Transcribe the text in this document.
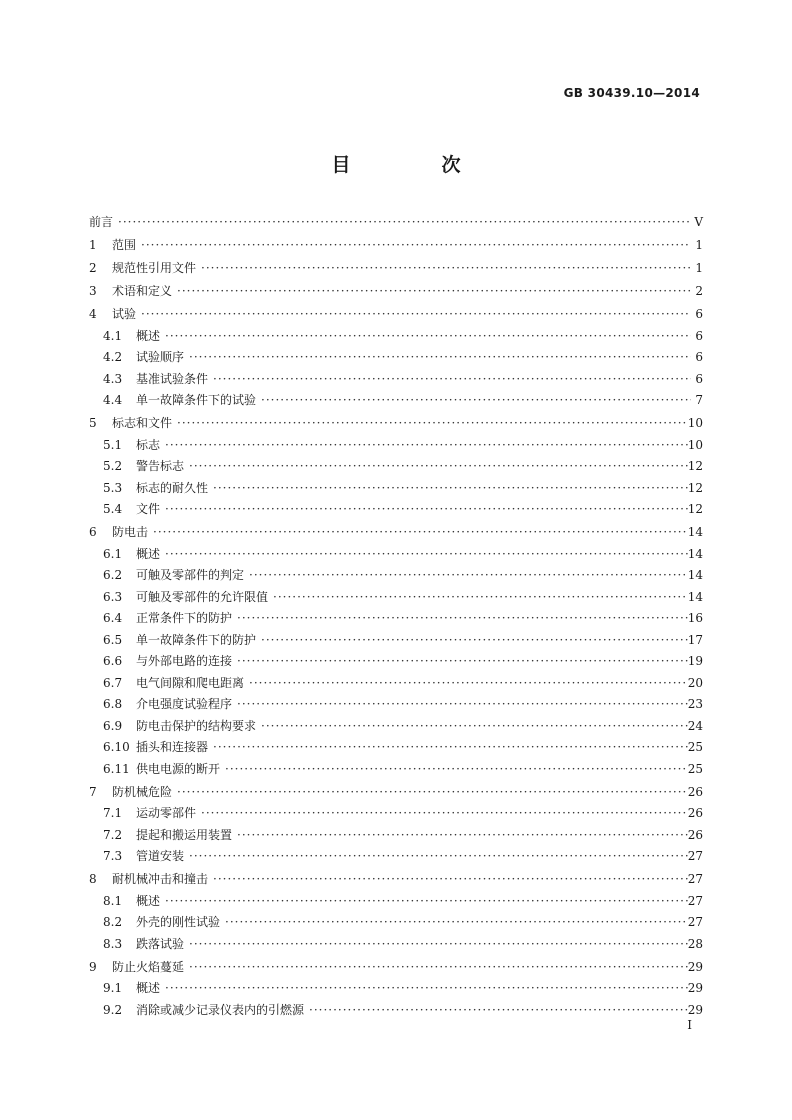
GB 30439.10—2014
目　次
前言 ·····	V
1	范围 ·····	1
2	规范性引用文件 ·····	1
3	术语和定义 ·····	2
4	试验 ·····	6
4.1	概述 ·····	6
4.2	试验顺序 ·····	6
4.3	基准试验条件 ·····	6
4.4	单一故障条件下的试验 ·····	7
5	标志和文件 ·····	10
5.1	标志 ·····	10
5.2	警告标志 ·····	12
5.3	标志的耐久性 ·····	12
5.4	文件 ·····	12
6	防电击 ·····	14
6.1	概述 ·····	14
6.2	可触及零部件的判定 ·····	14
6.3	可触及零部件的允许限值 ·····	14
6.4	正常条件下的防护 ·····	16
6.5	单一故障条件下的防护 ·····	17
6.6	与外部电路的连接 ·····	19
6.7	电气间隙和爬电距离 ·····	20
6.8	介电强度试验程序 ·····	23
6.9	防电击保护的结构要求 ·····	24
6.10 插头和连接器 ·····	25
6.11 供电电源的断开 ·····	25
7	防机械危险 ·····	26
7.1	运动零部件 ·····	26
7.2	提起和搬运用装置 ·····	26
7.3	管道安装 ·····	27
8	耐机械冲击和撞击 ·····	27
8.1	概述 ·····	27
8.2	外壳的刚性试验 ·····	27
8.3	跌落试验 ·····	28
9	防止火焰蔓延 ·····	29
9.1	概述 ·····	29
9.2	消除或减少记录仪表内的引燃源 ·····	29
I
